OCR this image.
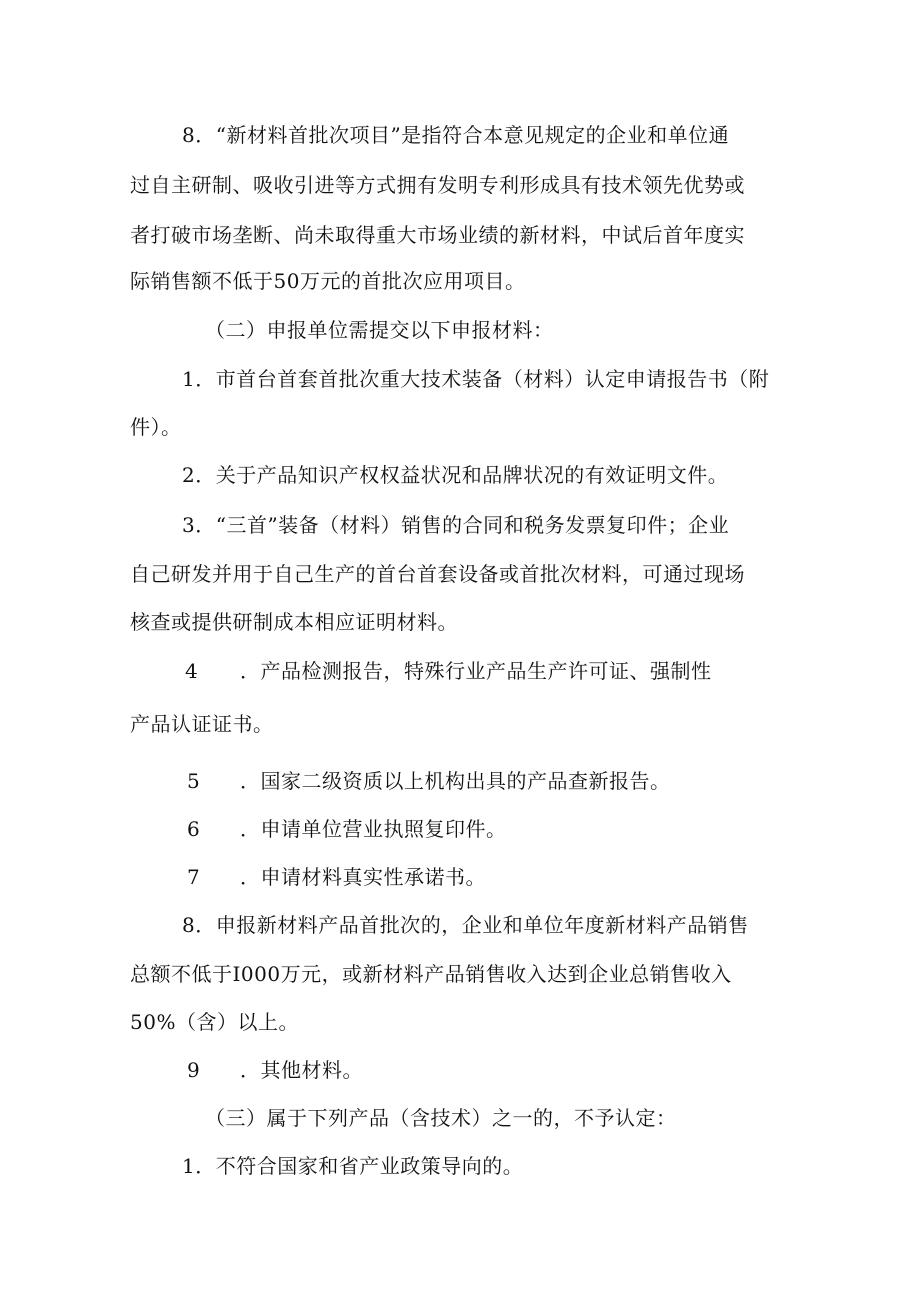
8．“新材料首批次项目”是指符合本意见规定的企业和单位通
过自主研制、吸收引进等方式拥有发明专利形成具有技术领先优势或
者打破市场垄断、尚未取得重大市场业绩的新材料，中试后首年度实
际销售额不低于50万元的首批次应用项目。
（二）申报单位需提交以下申报材料：
1．市首台首套首批次重大技术装备（材料）认定申请报告书（附
件）。
2．关于产品知识产权权益状况和品牌状况的有效证明文件。
3．“三首”装备（材料）销售的合同和税务发票复印件；企业
自己研发并用于自己生产的首台首套设备或首批次材料，可通过现场
核查或提供研制成本相应证明材料。
4 ．产品检测报告，特殊行业产品生产许可证、强制性
产品认证证书。
5 ．国家二级资质以上机构出具的产品查新报告。
6 ．申请单位营业执照复印件。
7 ．申请材料真实性承诺书。
8．申报新材料产品首批次的，企业和单位年度新材料产品销售
总额不低于I000万元，或新材料产品销售收入达到企业总销售收入
50%（含）以上。
9 ．其他材料。
（三）属于下列产品（含技术）之一的，不予认定：
1．不符合国家和省产业政策导向的。
